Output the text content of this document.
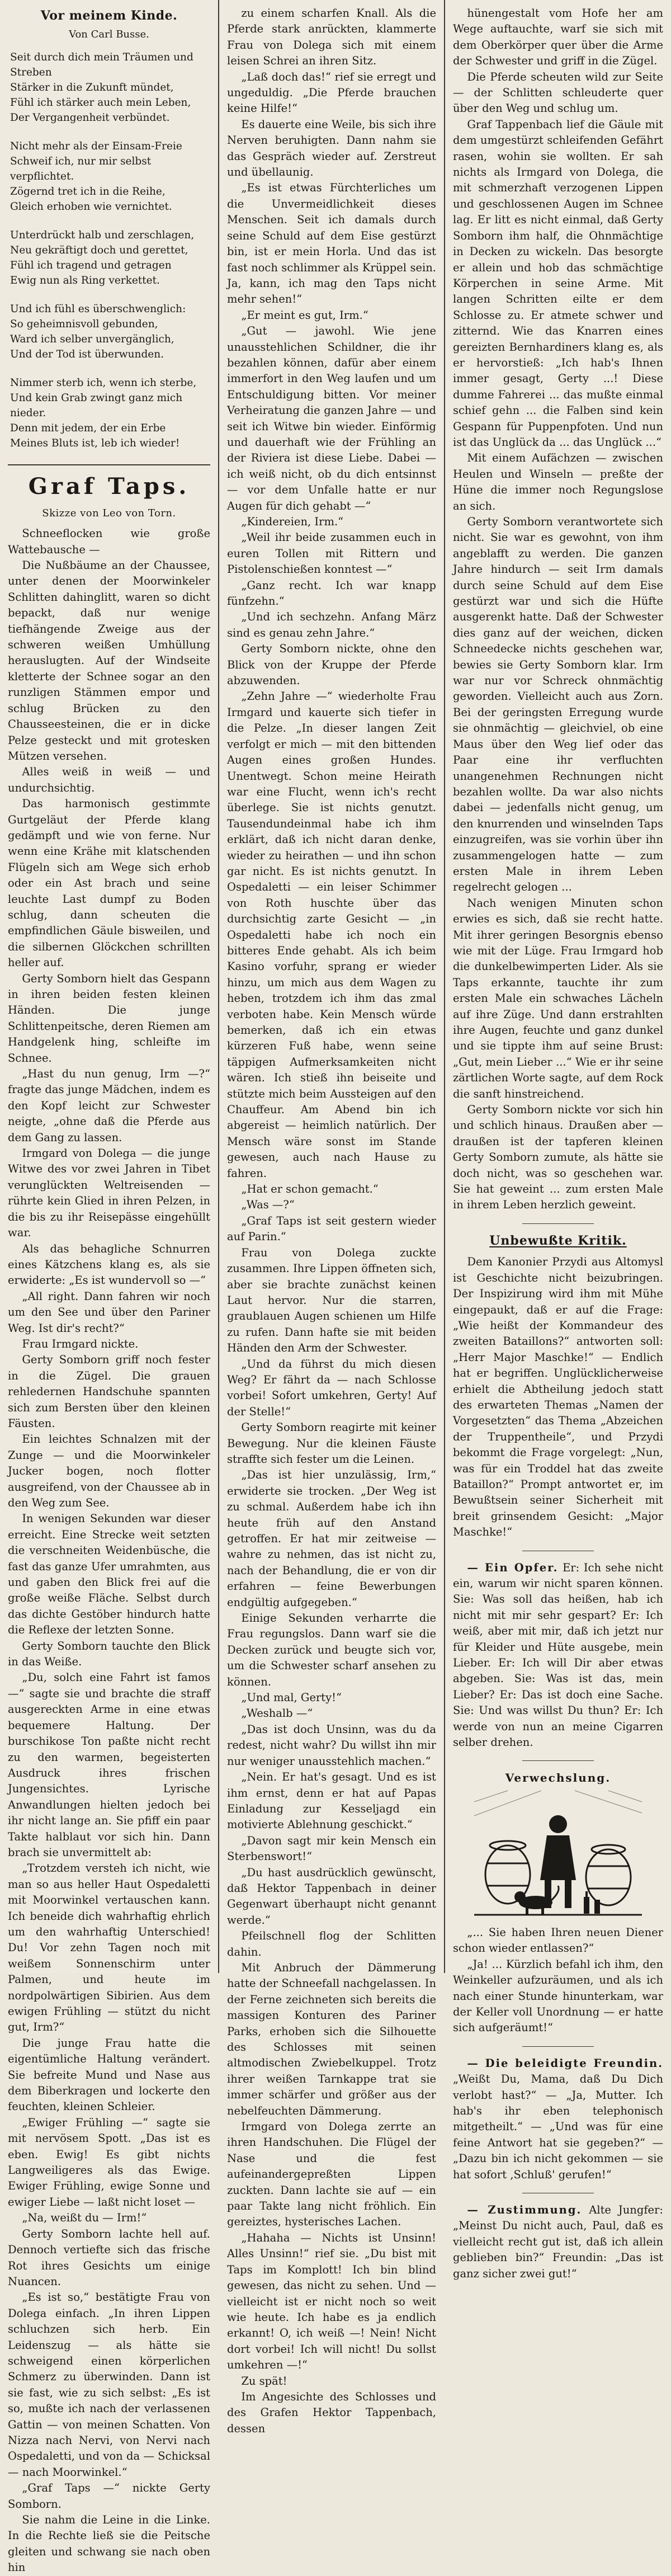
Vor meinem Kinde.
Von Carl Busse.
Seit durch dich mein Träumen und Streben
Stärker in die Zukunft mündet,
Fühl ich stärker auch mein Leben,
Der Vergangenheit verbündet.
Nicht mehr als der Einsam-Freie
Schweif ich, nur mir selbst verpflichtet.
Zögernd tret ich in die Reihe,
Gleich erhoben wie vernichtet.
Unterdrückt halb und zerschlagen,
Neu gekräftigt doch und gerettet,
Fühl ich tragend und getragen
Ewig nun als Ring verkettet.
Und ich fühl es überschwenglich:
So geheimnisvoll gebunden,
Ward ich selber unvergänglich,
Und der Tod ist überwunden.
Nimmer sterb ich, wenn ich sterbe,
Und kein Grab zwingt ganz mich nieder.
Denn mit jedem, der ein Erbe
Meines Bluts ist, leb ich wieder!
Graf Taps.
Skizze von Leo von Torn.

Schneeflocken wie große Wattebausche —

Die Nußbäume an der Chaussee, unter denen der Moorwinkeler Schlitten dahinglitt, waren so dicht bepackt, daß nur wenige tiefhängende Zweige aus der schweren weißen Umhüllung herauslugten. Auf der Windseite kletterte der Schnee sogar an den runzligen Stämmen empor und schlug Brücken zu den Chausseesteinen, die er in dicke Pelze gesteckt und mit grotesken Mützen versehen.

Alles weiß in weiß — und undurchsichtig.

Das harmonisch gestimmte Gurtgeläut der Pferde klang gedämpft und wie von ferne. Nur wenn eine Krähe mit klatschenden Flügeln sich am Wege sich erhob oder ein Ast brach und seine leuchte Last dumpf zu Boden schlug, dann scheuten die empfindlichen Gäule bisweilen, und die silbernen Glöckchen schrillten heller auf.

Gerty Somborn hielt das Gespann in ihren beiden festen kleinen Händen. Die junge Schlittenpeitsche, deren Riemen am Handgelenk hing, schleifte im Schnee.

„Hast du nun genug, Irm —?“ fragte das junge Mädchen, indem es den Kopf leicht zur Schwester neigte, „ohne daß die Pferde aus dem Gang zu lassen.

Irmgard von Dolega — die junge Witwe des vor zwei Jahren in Tibet verunglückten Weltreisenden — rührte kein Glied in ihren Pelzen, in die bis zu ihr Reisepässe eingehüllt war.

Als das behagliche Schnurren eines Kätzchens klang es, als sie erwiderte: „Es ist wundervoll so —“

„All right. Dann fahren wir noch um den See und über den Pariner Weg. Ist dir's recht?“

Frau Irmgard nickte.

Gerty Somborn griff noch fester in die Zügel. Die grauen rehledernen Handschuhe spannten sich zum Bersten über den kleinen Fäusten.

Ein leichtes Schnalzen mit der Zunge — und die Moorwinkeler Jucker bogen, noch flotter ausgreifend, von der Chaussee ab in den Weg zum See.

In wenigen Sekunden war dieser erreicht. Eine Strecke weit setzten die verschneiten Weidenbüsche, die fast das ganze Ufer umrahmten, aus und gaben den Blick frei auf die große weiße Fläche. Selbst durch das dichte Gestöber hindurch hatte die Reflexe der letzten Sonne.

Gerty Somborn tauchte den Blick in das Weiße.

„Du, solch eine Fahrt ist famos —“ sagte sie und brachte die straff ausgereckten Arme in eine etwas bequemere Haltung. Der burschikose Ton paßte nicht recht zu den warmen, begeisterten Ausdruck ihres frischen Jungensichtes. Lyrische Anwandlungen hielten jedoch bei ihr nicht lange an. Sie pfiff ein paar Takte halblaut vor sich hin. Dann brach sie unvermittelt ab:

„Trotzdem versteh ich nicht, wie man so aus heller Haut Ospedaletti mit Moorwinkel vertauschen kann. Ich beneide dich wahrhaftig ehrlich um den wahrhaftig Unterschied! Du! Vor zehn Tagen noch mit weißem Sonnenschirm unter Palmen, und heute im nordpolwärtigen Sibirien. Aus dem ewigen Frühling — stützt du nicht gut, Irm?“

Die junge Frau hatte die eigentümliche Haltung verändert. Sie befreite Mund und Nase aus dem Biberkragen und lockerte den feuchten, kleinen Schleier.

„Ewiger Frühling —“ sagte sie mit nervösem Spott. „Das ist es eben. Ewig! Es gibt nichts Langweiligeres als das Ewige. Ewiger Frühling, ewige Sonne und ewiger Liebe — laßt nicht loset —

„Na, weißt du — Irm!“

Gerty Somborn lachte hell auf. Dennoch vertiefte sich das frische Rot ihres Gesichts um einige Nuancen.

„Es ist so,“ bestätigte Frau von Dolega einfach. „In ihren Lippen schluchzen sich herb. Ein Leidenszug — als hätte sie schweigend einen körperlichen Schmerz zu überwinden. Dann ist sie fast, wie zu sich selbst: „Es ist so, mußte ich nach der verlassenen Gattin — von meinen Schatten. Von Nizza nach Nervi, von Nervi nach Ospedaletti, und von da — Schicksal — nach Moorwinkel.“

„Graf Taps —“ nickte Gerty Somborn.

Sie nahm die Leine in die Linke. In die Rechte ließ sie die Peitsche gleiten und schwang sie nach oben hin

zu einem scharfen Knall. Als die Pferde stark anrückten, klammerte Frau von Dolega sich mit einem leisen Schrei an ihren Sitz.

„Laß doch das!“ rief sie erregt und ungeduldig. „Die Pferde brauchen keine Hilfe!“

Es dauerte eine Weile, bis sich ihre Nerven beruhigten. Dann nahm sie das Gespräch wieder auf. Zerstreut und übellaunig.

„Es ist etwas Fürchterliches um die Unvermeidlichkeit dieses Menschen. Seit ich damals durch seine Schuld auf dem Eise gestürzt bin, ist er mein Horla. Und das ist fast noch schlimmer als Krüppel sein. Ja, kann, ich mag den Taps nicht mehr sehen!“

„Er meint es gut, Irm.“

„Gut — jawohl. Wie jene unausstehlichen Schildner, die ihr bezahlen können, dafür aber einem immerfort in den Weg laufen und um Entschuldigung bitten. Vor meiner Verheiratung die ganzen Jahre — und seit ich Witwe bin wieder. Einförmig und dauerhaft wie der Frühling an der Riviera ist diese Liebe. Dabei — ich weiß nicht, ob du dich entsinnst — vor dem Unfalle hatte er nur Augen für dich gehabt —“

„Kindereien, Irm.“

„Weil ihr beide zusammen euch in euren Tollen mit Rittern und Pistolenschießen konntest —“

„Ganz recht. Ich war knapp fünfzehn.“

„Und ich sechzehn. Anfang März sind es genau zehn Jahre.“

Gerty Somborn nickte, ohne den Blick von der Kruppe der Pferde abzuwenden.

„Zehn Jahre —“ wiederholte Frau Irmgard und kauerte sich tiefer in die Pelze. „In dieser langen Zeit verfolgt er mich — mit den bittenden Augen eines großen Hundes. Unentwegt. Schon meine Heirath war eine Flucht, wenn ich's recht überlege. Sie ist nichts genutzt. Tausendundeinmal habe ich ihm erklärt, daß ich nicht daran denke, wieder zu heirathen — und ihn schon gar nicht. Es ist nichts genutzt. In Ospedaletti — ein leiser Schimmer von Roth huschte über das durchsichtig zarte Gesicht — „in Ospedaletti habe ich noch ein bitteres Ende gehabt. Als ich beim Kasino vorfuhr, sprang er wieder hinzu, um mich aus dem Wagen zu heben, trotzdem ich ihm das zmal verboten habe. Kein Mensch würde bemerken, daß ich ein etwas kürzeren Fuß habe, wenn seine täppigen Aufmerksamkeiten nicht wären. Ich stieß ihn beiseite und stützte mich beim Aussteigen auf den Chauffeur. Am Abend bin ich abgereist — heimlich natürlich. Der Mensch wäre sonst im Stande gewesen, auch nach Hause zu fahren.

„Hat er schon gemacht.“

„Was —?“

„Graf Taps ist seit gestern wieder auf Parin.“

Frau von Dolega zuckte zusammen. Ihre Lippen öffneten sich, aber sie brachte zunächst keinen Laut hervor. Nur die starren, graublauen Augen schienen um Hilfe zu rufen. Dann hafte sie mit beiden Händen den Arm der Schwester.

„Und da führst du mich diesen Weg? Er fährt da — nach Schlosse vorbei! Sofort umkehren, Gerty! Auf der Stelle!“

Gerty Somborn reagirte mit keiner Bewegung. Nur die kleinen Fäuste straffte sich fester um die Leinen.

„Das ist hier unzulässig, Irm,“ erwiderte sie trocken. „Der Weg ist zu schmal. Außerdem habe ich ihn heute früh auf den Anstand getroffen. Er hat mir zeitweise — wahre zu nehmen, das ist nicht zu, nach der Behandlung, die er von dir erfahren — feine Bewerbungen endgültig aufgegeben.“

Einige Sekunden verharrte die Frau regungslos. Dann warf sie die Decken zurück und beugte sich vor, um die Schwester scharf ansehen zu können.

„Und mal, Gerty!“

„Weshalb —“

„Das ist doch Unsinn, was du da redest, nicht wahr? Du willst ihn mir nur weniger unausstehlich machen.“

„Nein. Er hat's gesagt. Und es ist ihm ernst, denn er hat auf Papas Einladung zur Kesseljagd ein motivierte Ablehnung geschickt.“

„Davon sagt mir kein Mensch ein Sterbenswort!“

„Du hast ausdrücklich gewünscht, daß Hektor Tappenbach in deiner Gegenwart überhaupt nicht genannt werde.“

Pfeilschnell flog der Schlitten dahin.

Mit Anbruch der Dämmerung hatte der Schneefall nachgelassen. In der Ferne zeichneten sich bereits die massigen Konturen des Pariner Parks, erhoben sich die Silhouette des Schlosses mit seinen altmodischen Zwiebelkuppel. Trotz ihrer weißen Tarnkappe trat sie immer schärfer und größer aus der nebelfeuchten Dämmerung.

Irmgard von Dolega zerrte an ihren Handschuhen. Die Flügel der Nase und die fest aufeinandergepreßten Lippen zuckten. Dann lachte sie auf — ein paar Takte lang nicht fröhlich. Ein gereiztes, hysterisches Lachen.

„Hahaha — Nichts ist Unsinn! Alles Unsinn!“ rief sie. „Du bist mit Taps im Komplott! Ich bin blind gewesen, das nicht zu sehen. Und — vielleicht ist er nicht noch so weit wie heute. Ich habe es ja endlich erkannt! O, ich weiß —! Nein! Nicht dort vorbei! Ich will nicht! Du sollst umkehren —!“

Zu spät!

Im Angesichte des Schlosses und des Grafen Hektor Tappenbach, dessen

hünengestalt vom Hofe her am Wege auftauchte, warf sie sich mit dem Oberkörper quer über die Arme der Schwester und griff in die Zügel.

Die Pferde scheuten wild zur Seite — der Schlitten schleuderte quer über den Weg und schlug um.

Graf Tappenbach lief die Gäule mit dem umgestürzt schleifenden Gefährt rasen, wohin sie wollten. Er sah nichts als Irmgard von Dolega, die mit schmerzhaft verzogenen Lippen und geschlossenen Augen im Schnee lag. Er litt es nicht einmal, daß Gerty Somborn ihm half, die Ohnmächtige in Decken zu wickeln. Das besorgte er allein und hob das schmächtige Körperchen in seine Arme. Mit langen Schritten eilte er dem Schlosse zu. Er atmete schwer und zitternd. Wie das Knarren eines gereizten Bernhardiners klang es, als er hervorstieß: „Ich hab's Ihnen immer gesagt, Gerty ...! Diese dumme Fahrerei ... das mußte einmal schief gehn ... die Falben sind kein Gespann für Puppenpfoten. Und nun ist das Unglück da ... das Unglück ...“

Mit einem Aufächzen — zwischen Heulen und Winseln — preßte der Hüne die immer noch Regungslose an sich.

Gerty Somborn verantwortete sich nicht. Sie war es gewohnt, von ihm angeblafft zu werden. Die ganzen Jahre hindurch — seit Irm damals durch seine Schuld auf dem Eise gestürzt war und sich die Hüfte ausgerenkt hatte. Daß der Schwester dies ganz auf der weichen, dicken Schneedecke nichts geschehen war, bewies sie Gerty Somborn klar. Irm war nur vor Schreck ohnmächtig geworden. Vielleicht auch aus Zorn. Bei der geringsten Erregung wurde sie ohnmächtig — gleichviel, ob eine Maus über den Weg lief oder das Paar eine ihr verfluchten unangenehmen Rechnungen nicht bezahlen wollte. Da war also nichts dabei — jedenfalls nicht genug, um den knurrenden und winselnden Taps einzugreifen, was sie vorhin über ihn zusammengelogen hatte — zum ersten Male in ihrem Leben regelrecht gelogen ...

Nach wenigen Minuten schon erwies es sich, daß sie recht hatte. Mit ihrer geringen Besorgnis ebenso wie mit der Lüge. Frau Irmgard hob die dunkelbewimperten Lider. Als sie Taps erkannte, tauchte ihr zum ersten Male ein schwaches Lächeln auf ihre Züge. Und dann erstrahlten ihre Augen, feuchte und ganz dunkel und sie tippte ihm auf seine Brust: „Gut, mein Lieber ...“ Wie er ihr seine zärtlichen Worte sagte, auf dem Rock die sanft hinstreichend.

Gerty Somborn nickte vor sich hin und schlich hinaus. Draußen aber — draußen ist der tapferen kleinen Gerty Somborn zumute, als hätte sie doch nicht, was so geschehen war. Sie hat geweint ... zum ersten Male in ihrem Leben herzlich geweint.

Unbewußte Kritik.

Dem Kanonier Przydi aus Altomysl ist Geschichte nicht beizubringen. Der Inspizirung wird ihm mit Mühe eingepaukt, daß er auf die Frage: „Wie heißt der Kommandeur des zweiten Bataillons?“ antworten soll: „Herr Major Maschke!“ — Endlich hat er begriffen. Unglücklicherweise erhielt die Abtheilung jedoch statt des erwarteten Themas „Namen der Vorgesetzten“ das Thema „Abzeichen der Truppentheile“, und Przydi bekommt die Frage vorgelegt: „Nun, was für ein Troddel hat das zweite Bataillon?“ Prompt antwortet er, im Bewußtsein seiner Sicherheit mit breit grinsendem Gesicht: „Major Maschke!“

— Ein Opfer. Er: Ich sehe nicht ein, warum wir nicht sparen können. Sie: Was soll das heißen, hab ich nicht mit mir sehr gespart? Er: Ich weiß, aber mit mir, daß ich jetzt nur für Kleider und Hüte ausgebe, mein Lieber. Er: Ich will Dir aber etwas abgeben. Sie: Was ist das, mein Lieber? Er: Das ist doch eine Sache. Sie: Und was willst Du thun? Er: Ich werde von nun an meine Cigarren selber drehen.

Verwechslung.

„... Sie haben Ihren neuen Diener schon wieder entlassen?“

„Ja! ... Kürzlich befahl ich ihm, den Weinkeller aufzuräumen, und als ich nach einer Stunde hinunterkam, war der Keller voll Unordnung — er hatte sich aufgeräumt!“

— Die beleidigte Freundin. „Weißt Du, Mama, daß Du Dich verlobt hast?“ — „Ja, Mutter. Ich hab's ihr eben telephonisch mitgetheilt.“ — „Und was für eine feine Antwort hat sie gegeben?“ — „Dazu bin ich nicht gekommen — sie hat sofort ‚Schluß' gerufen!“

— Zustimmung. Alte Jungfer: „Meinst Du nicht auch, Paul, daß es vielleicht recht gut ist, daß ich allein geblieben bin?“ Freundin: „Das ist ganz sicher zwei gut!“
